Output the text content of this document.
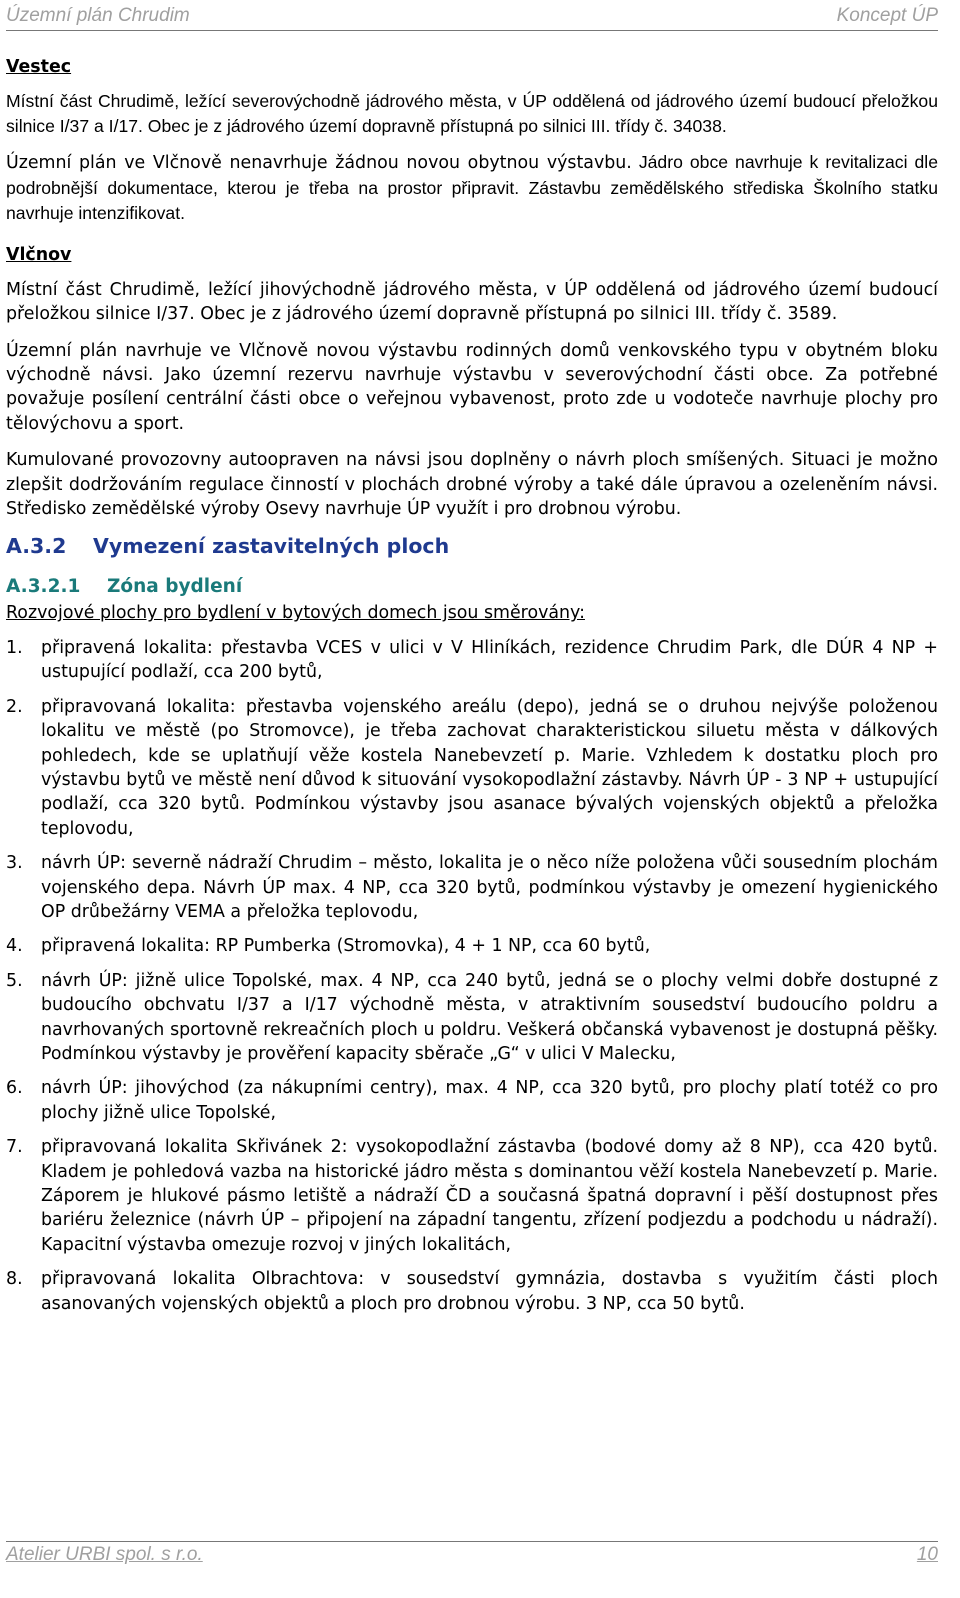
Územní plán Chrudim	Koncept ÚP

Vestec

Místní část Chrudimě, ležící severovýchodně jádrového města, v ÚP oddělená od jádrového území budoucí přeložkou silnice I/37 a I/17. Obec je z jádrového území dopravně přístupná po silnici III. třídy č. 34038.

Územní plán ve Vlčnově nenavrhuje žádnou novou obytnou výstavbu. Jádro obce navrhuje k revitalizaci dle podrobnější dokumentace, kterou je třeba na prostor připravit. Zástavbu zemědělského střediska Školního statku navrhuje intenzifikovat.

Vlčnov

Místní část Chrudimě, ležící jihovýchodně jádrového města, v ÚP oddělená od jádrového území budoucí přeložkou silnice I/37. Obec je z jádrového území dopravně přístupná po silnici III. třídy č. 3589.

Územní plán navrhuje ve Vlčnově novou výstavbu rodinných domů venkovského typu v obytném bloku východně návsi. Jako územní rezervu navrhuje výstavbu v severovýchodní části obce. Za potřebné považuje posílení centrální části obce o veřejnou vybavenost, proto zde u vodoteče navrhuje plochy pro tělovýchovu a sport.

Kumulované provozovny autoopraven na návsi jsou doplněny o návrh ploch smíšených. Situaci je možno zlepšit dodržováním regulace činností v plochách drobné výroby a také dále úpravou a ozeleněním návsi. Středisko zemědělské výroby Osevy navrhuje ÚP využít i pro drobnou výrobu.

A.3.2 Vymezení zastavitelných ploch
A.3.2.1 Zóna bydlení

Rozvojové plochy pro bydlení v bytových domech jsou směrovány:

1. připravená lokalita: přestavba VCES v ulici v V Hliníkách, rezidence Chrudim Park, dle DÚR 4 NP + ustupující podlaží, cca 200 bytů,
2. připravovaná lokalita: přestavba vojenského areálu (depo), jedná se o druhou nejvýše položenou lokalitu ve městě (po Stromovce), je třeba zachovat charakteristickou siluetu města v dálkových pohledech, kde se uplatňují věže kostela Nanebevzetí p. Marie. Vzhledem k dostatku ploch pro výstavbu bytů ve městě není důvod k situování vysokopodlažní zástavby. Návrh ÚP - 3 NP + ustupující podlaží, cca 320 bytů. Podmínkou výstavby jsou asanace bývalých vojenských objektů a přeložka teplovodu,
3. návrh ÚP: severně nádraží Chrudim – město, lokalita je o něco níže položena vůči sousedním plochám vojenského depa. Návrh ÚP max. 4 NP, cca 320 bytů, podmínkou výstavby je omezení hygienického OP drůbežárny VEMA a přeložka teplovodu,
4. připravená lokalita: RP Pumberka (Stromovka), 4 + 1 NP, cca 60 bytů,
5. návrh ÚP: jižně ulice Topolské, max. 4 NP, cca 240 bytů, jedná se o plochy velmi dobře dostupné z budoucího obchvatu I/37 a I/17 východně města, v atraktivním sousedství budoucího poldru a navrhovaných sportovně rekreačních ploch u poldru. Veškerá občanská vybavenost je dostupná pěšky. Podmínkou výstavby je prověření kapacity sběrače „G“ v ulici V Malecku,
6. návrh ÚP: jihovýchod (za nákupními centry), max. 4 NP, cca 320 bytů, pro plochy platí totéž co pro plochy jižně ulice Topolské,
7. připravovaná lokalita Skřivánek 2: vysokopodlažní zástavba (bodové domy až 8 NP), cca 420 bytů. Kladem je pohledová vazba na historické jádro města s dominantou věží kostela Nanebevzetí p. Marie. Záporem je hlukové pásmo letiště a nádraží ČD a současná špatná dopravní i pěší dostupnost přes bariéru železnice (návrh ÚP – připojení na západní tangentu, zřízení podjezdu a podchodu u nádraží). Kapacitní výstavba omezuje rozvoj v jiných lokalitách,
8. připravovaná lokalita Olbrachtova: v sousedství gymnázia, dostavba s využitím části ploch asanovaných vojenských objektů a ploch pro drobnou výrobu. 3 NP, cca 50 bytů.
Atelier URBI spol. s r.o.	10
